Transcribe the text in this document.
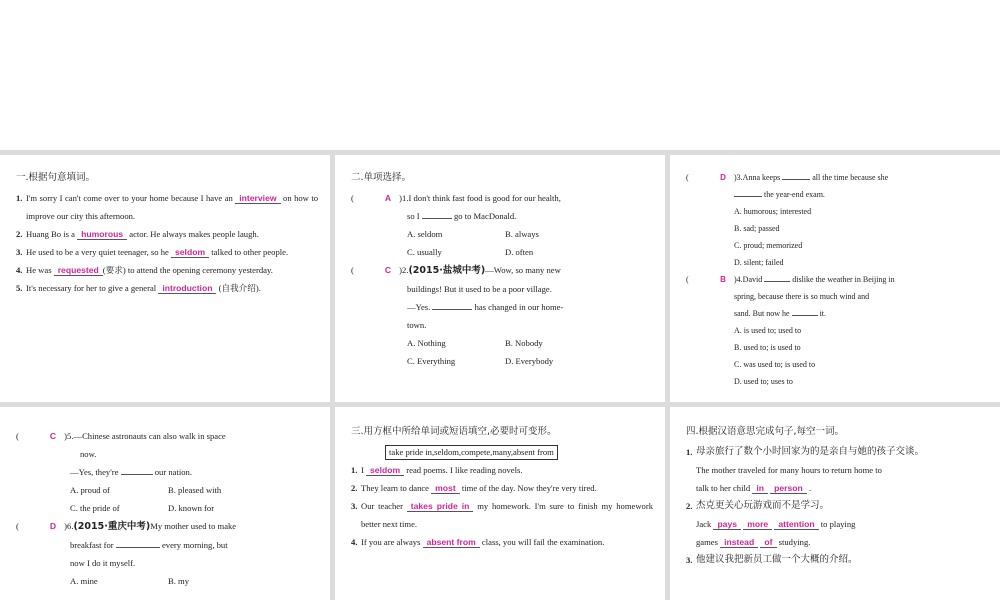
一.根据句意填词。
1. I'm sorry I can't come over to your home because I have an interview on how to improve our city this afternoon.
2. Huang Bo is a humorous actor. He always makes people laugh.
3. He used to be a very quiet teenager, so he seldom talked to other people.
4. He was requested (要求) to attend the opening ceremony yesterday.
5. It's necessary for her to give a general introduction (自我介绍).
二.单项选择。
(	A )1.I don't think fast food is good for our health,
so I	go to MacDonald.
A. seldom	B. always
C. usually	D. often
(	C )2.(2015·盐城中考)—Wow, so many new
buildings! But it used to be a poor village.
—Yes.	has changed in our home-
town.
A. Nothing	B. Nobody
C. Everything	D. Everybody
(	D )3.Anna keeps	all the time because she
the year-end exam.
A. humorous; interested
B. sad; passed
C. proud; memorized
D. silent; failed
(	B )4.David	dislike the weather in Beijing in
spring, because there is so much wind and
sand. But now he	it.
A. is used to; used to
B. used to; is used to
C. was used to; is used to
D. used to; uses to
(	C )5.—Chinese astronauts can also walk in space
now.
—Yes, they're	our nation.
A. proud of	B. pleased with
C. the pride of	D. known for
(	D )6.(2015·重庆中考)My mother used to make
breakfast for	every morning, but
now I do it myself.
A. mine	B. my
三.用方框中所给单词或短语填空,必要时可变形。
take pride in,seldom,compete,many,absent from
1. I seldom read poems. I like reading novels.
2. They learn to dance most time of the day. Now they're very tired.
3. Our teacher takes pride in my homework. I'm sure to finish my homework better next time.
4. If you are always absent from class, you will fail the examination.
四.根据汉语意思完成句子,每空一词。
1. 母亲旅行了数个小时回家为的是亲自与她的孩子交谈。
The mother traveled for many hours to return home to
talk to her child in person .
2. 杰克更关心玩游戏而不是学习。
Jack pays more attention to playing
games instead of studying.
3. 他建议我把新员工做一个大概的介绍。
